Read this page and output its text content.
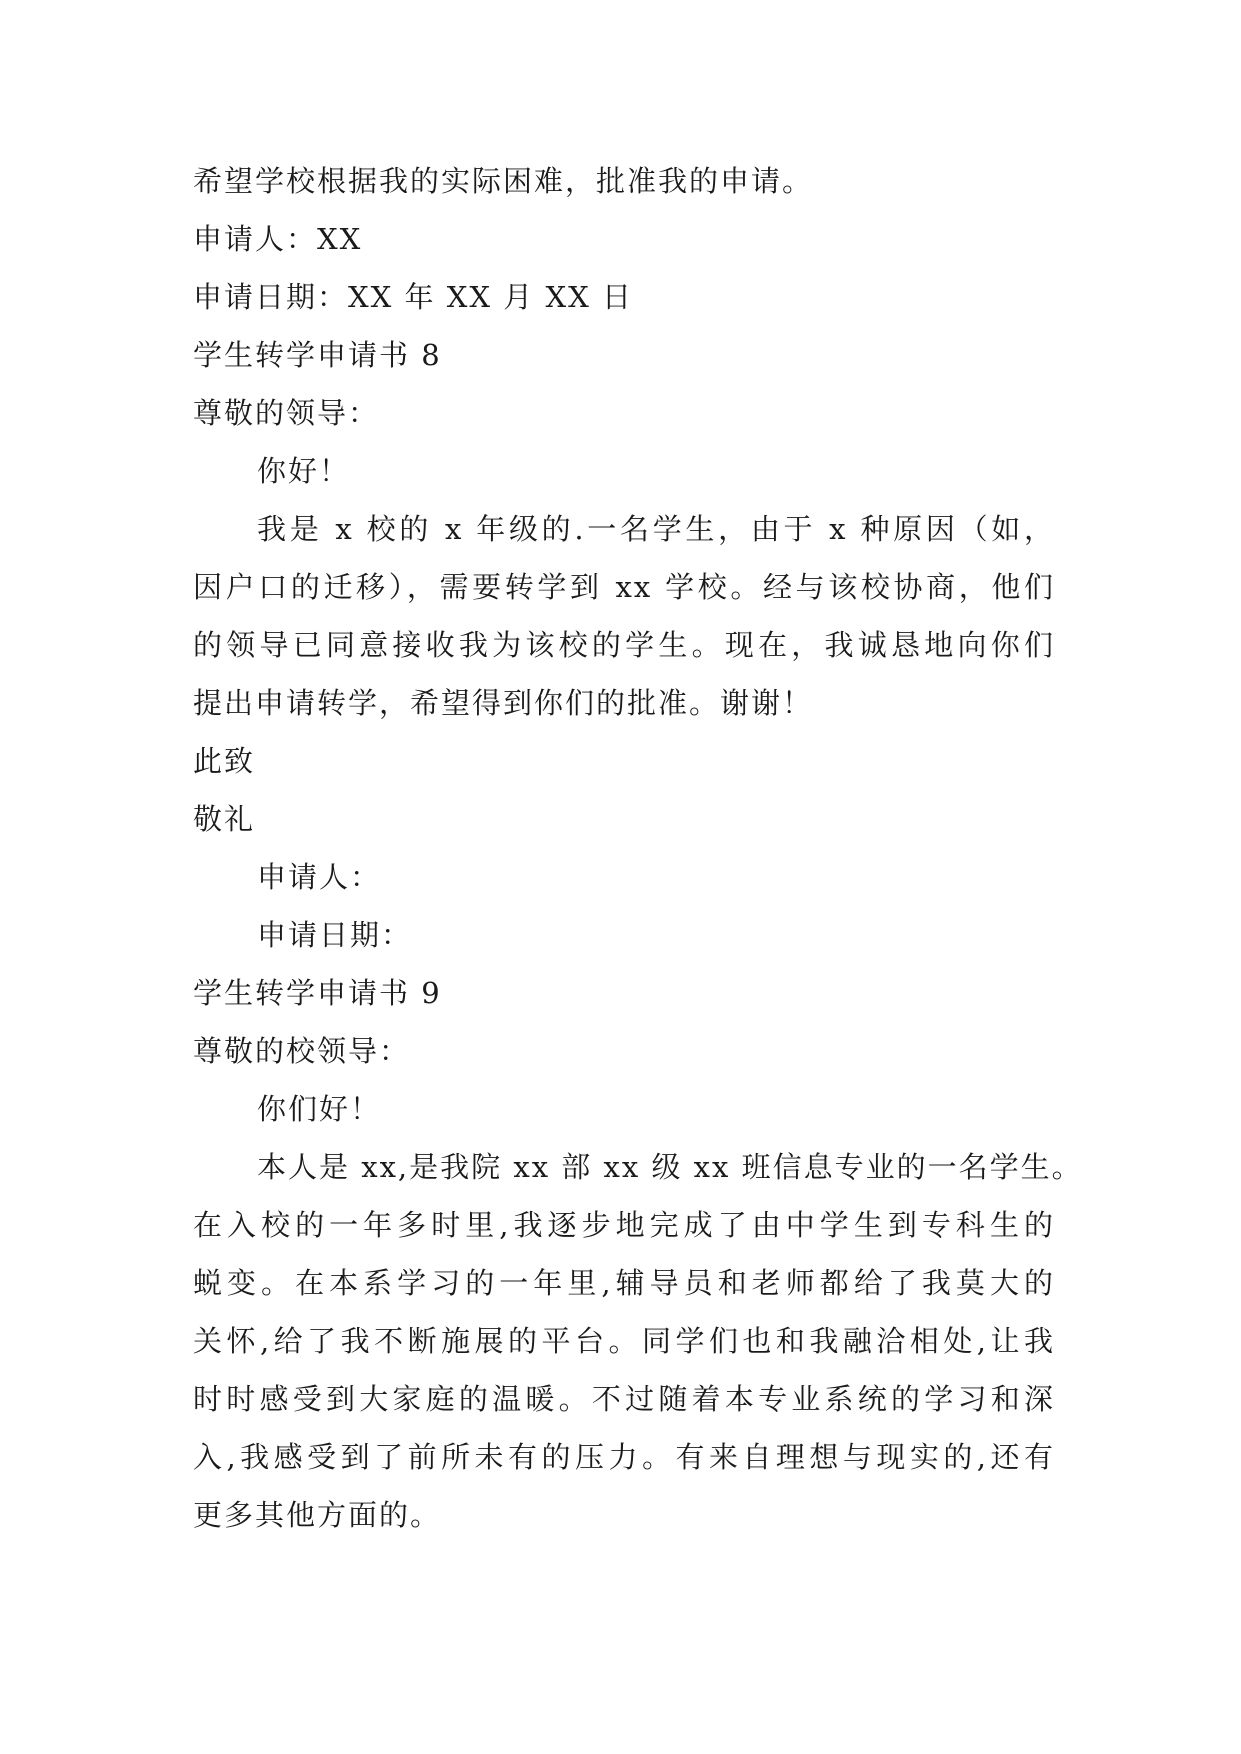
希望学校根据我的实际困难，批准我的申请。
申请人：XX
申请日期：XX 年 XX 月 XX 日
学生转学申请书 8
尊敬的领导：
你好！
我是 x 校的 x 年级的.一名学生，由于 x 种原因（如，
因户口的迁移），需要转学到 xx 学校。经与该校协商，他们
的领导已同意接收我为该校的学生。现在，我诚恳地向你们
提出申请转学，希望得到你们的批准。谢谢！
此致
敬礼
申请人：
申请日期：
学生转学申请书 9
尊敬的校领导：
你们好！
本人是 xx,是我院 xx 部 xx 级 xx 班信息专业的一名学生。
在入校的一年多时里,我逐步地完成了由中学生到专科生的
蜕变。在本系学习的一年里,辅导员和老师都给了我莫大的
关怀,给了我不断施展的平台。同学们也和我融洽相处,让我
时时感受到大家庭的温暖。不过随着本专业系统的学习和深
入,我感受到了前所未有的压力。有来自理想与现实的,还有
更多其他方面的。
